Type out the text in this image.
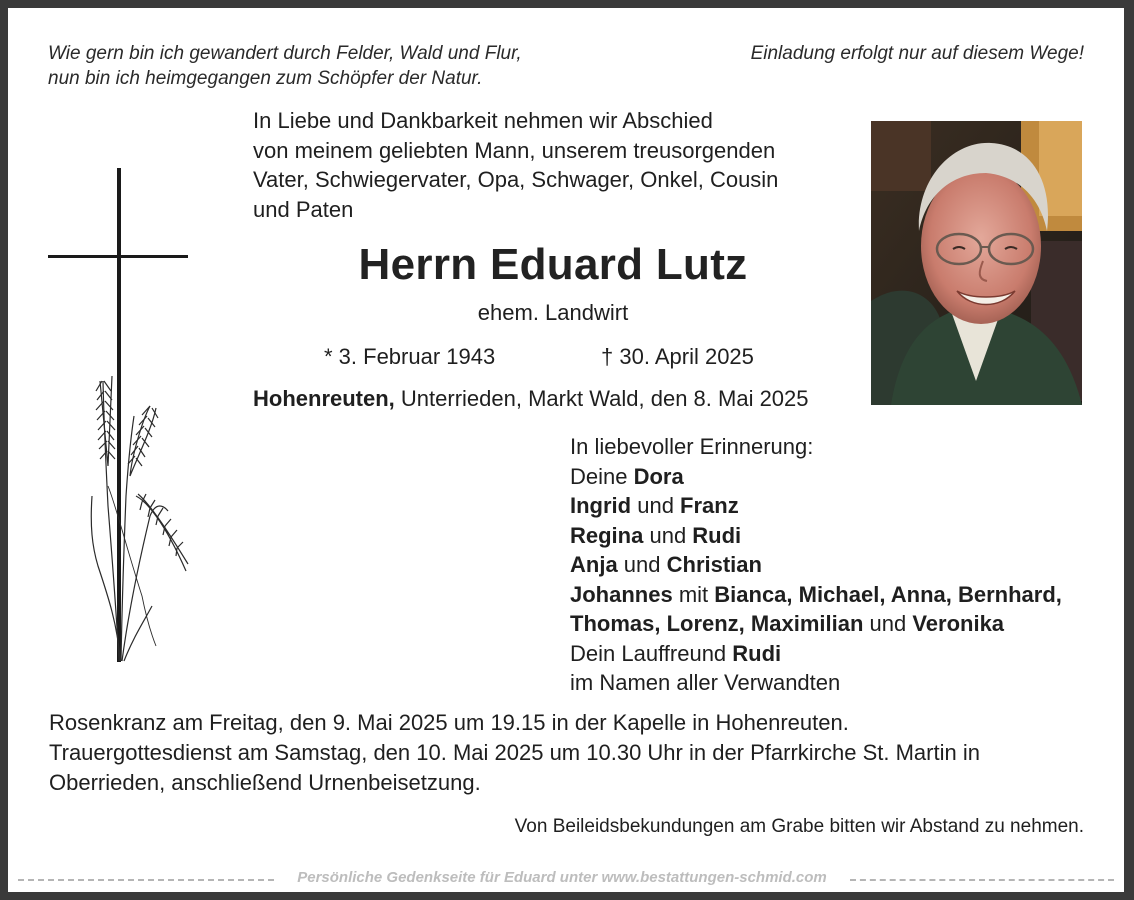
Wie gern bin ich gewandert durch Felder, Wald und Flur,
nun bin ich heimgegangen zum Schöpfer der Natur.
Einladung erfolgt nur auf diesem Wege!
In Liebe und Dankbarkeit nehmen wir Abschied
von meinem geliebten Mann, unserem treusorgenden
Vater, Schwiegervater, Opa, Schwager, Onkel, Cousin
und Paten
Herrn Eduard Lutz
ehem. Landwirt
* 3. Februar 1943	† 30. April 2025
Hohenreuten, Unterrieden, Markt Wald, den 8. Mai 2025
In liebevoller Erinnerung:
Deine Dora
Ingrid und Franz
Regina und Rudi
Anja und Christian
Johannes mit Bianca, Michael, Anna, Bernhard,
Thomas, Lorenz, Maximilian und Veronika
Dein Lauffreund Rudi
im Namen aller Verwandten
Rosenkranz am Freitag, den 9. Mai 2025 um 19.15 in der Kapelle in Hohenreuten.
Trauergottesdienst am Samstag, den 10. Mai 2025 um 10.30 Uhr in der Pfarrkirche St. Martin in
Oberrieden, anschließend Urnenbeisetzung.
Von Beileidsbekundungen am Grabe bitten wir Abstand zu nehmen.
Persönliche Gedenkseite für Eduard unter www.bestattungen-schmid.com
